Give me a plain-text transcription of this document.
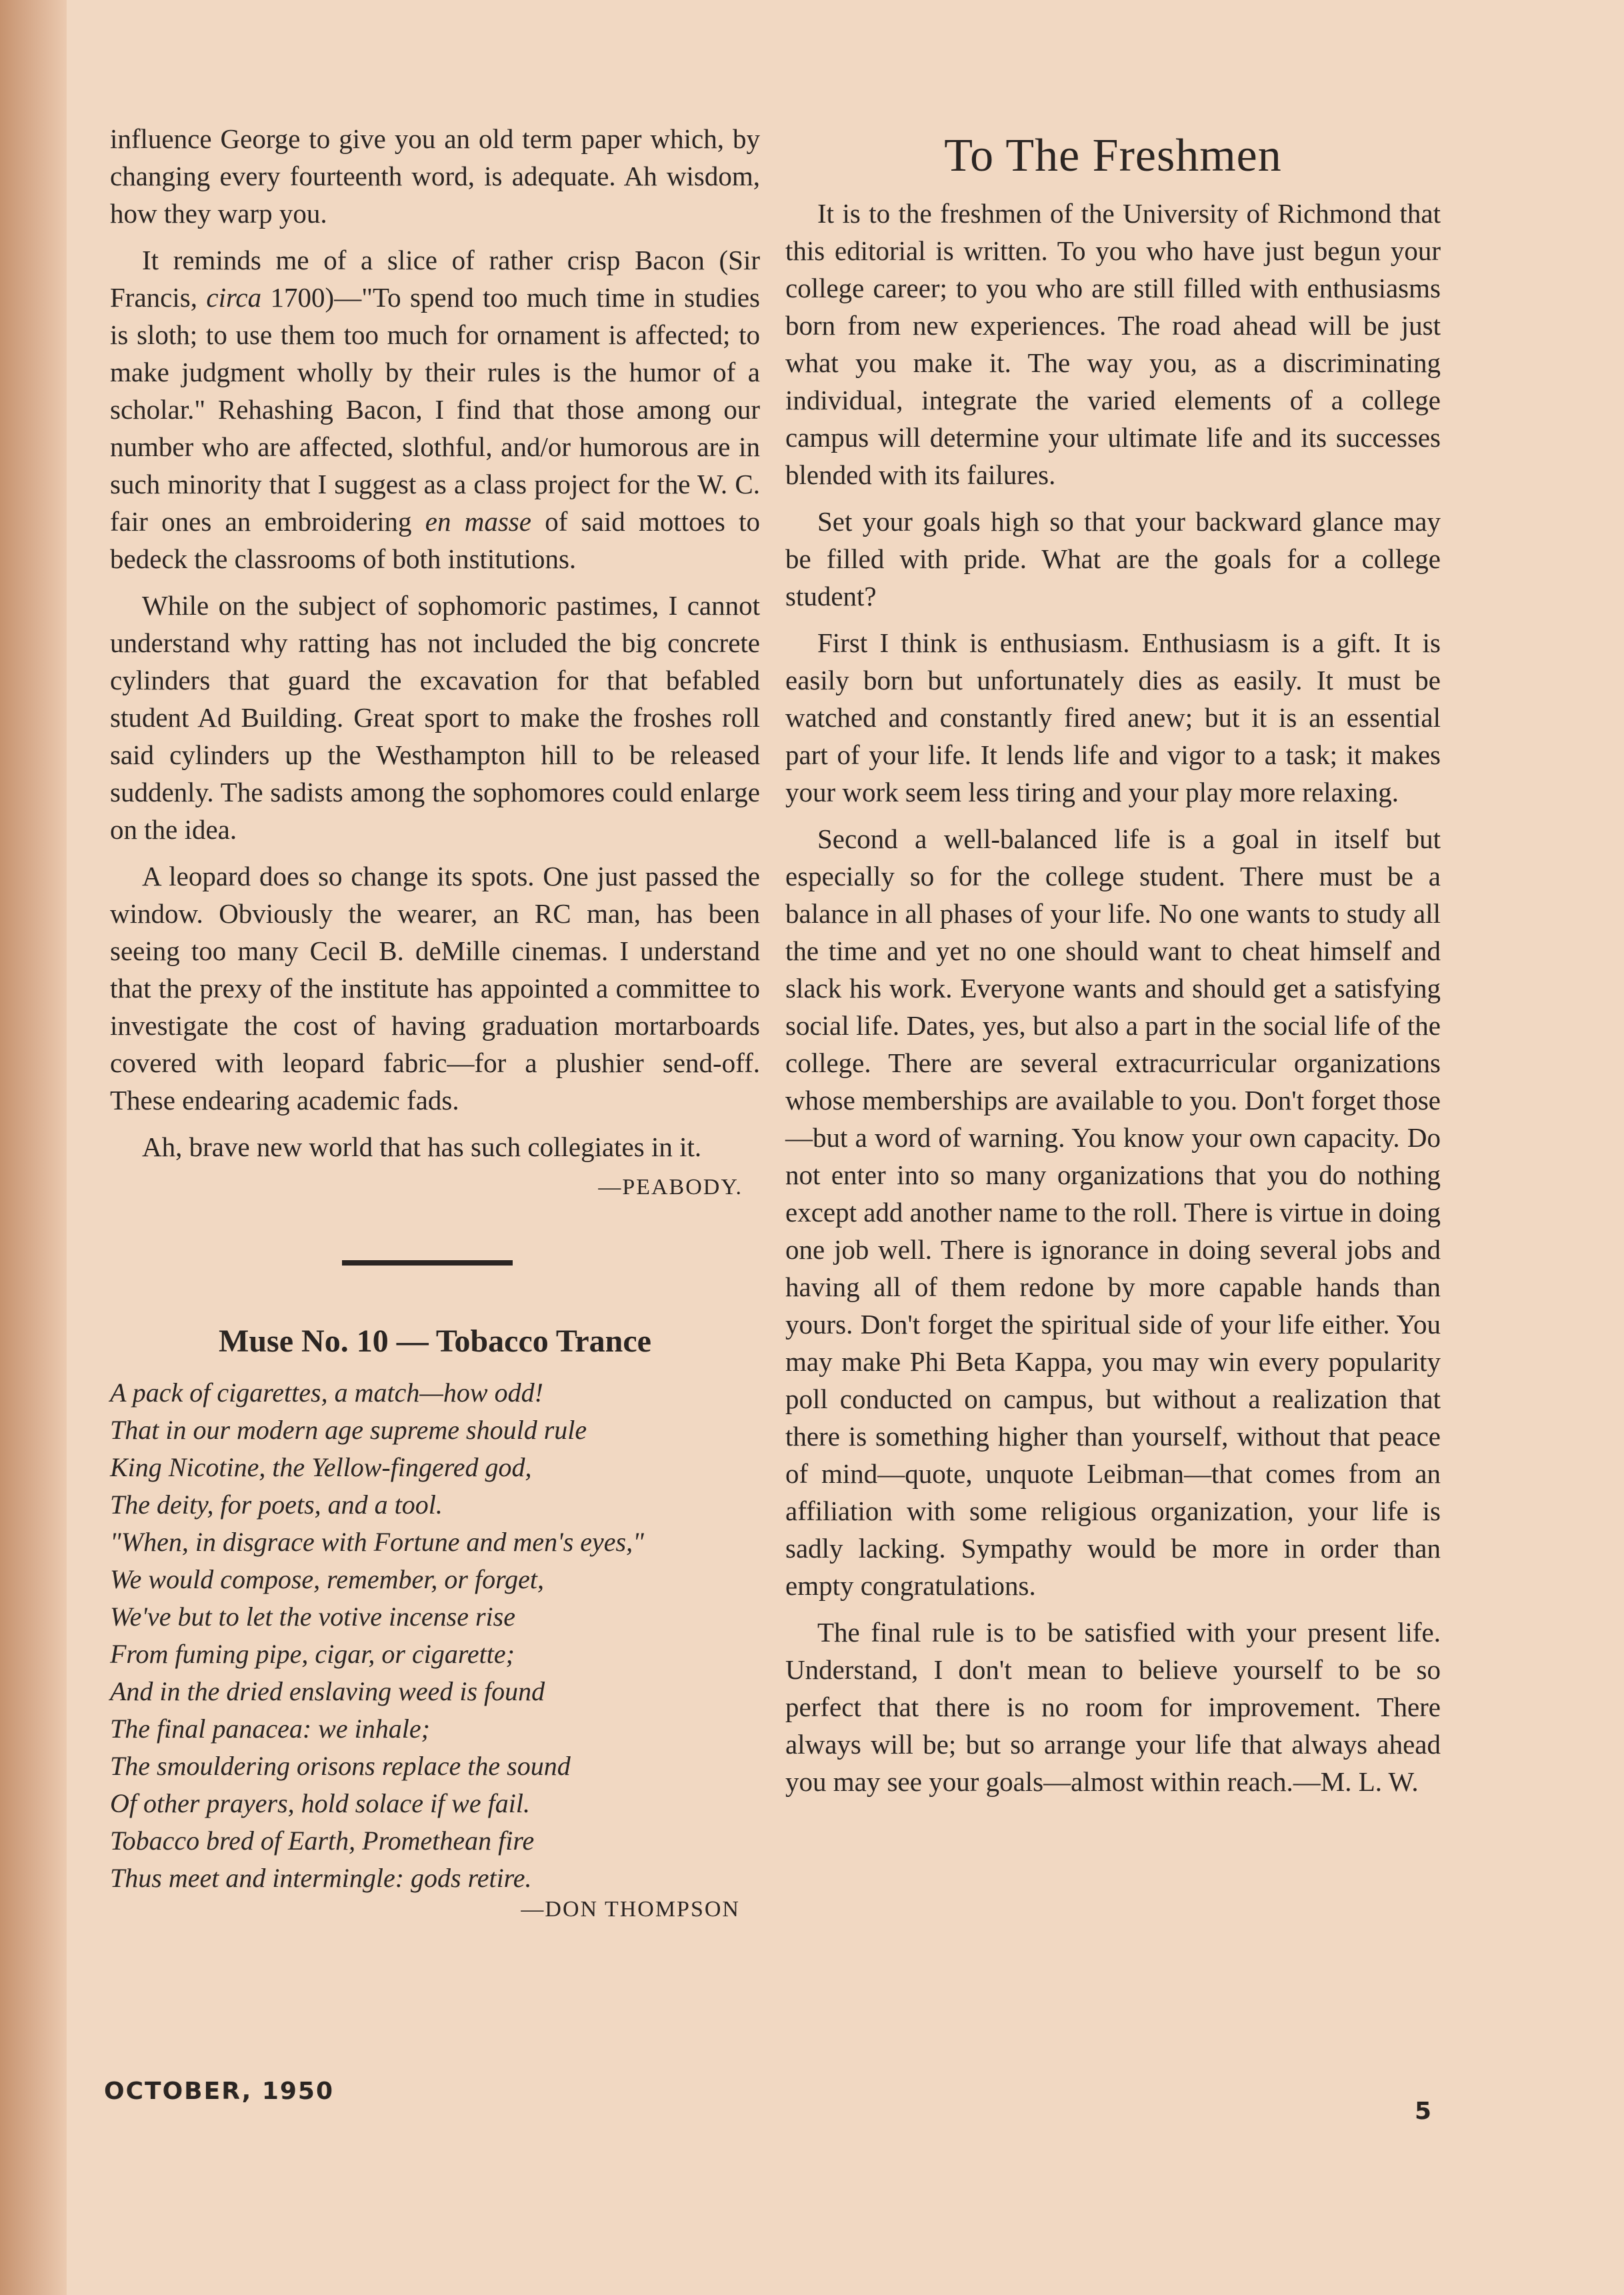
influence George to give you an old term paper which, by changing every fourteenth word, is adequate. Ah wisdom, how they warp you.

It reminds me of a slice of rather crisp Bacon (Sir Francis, circa 1700)—"To spend too much time in studies is sloth; to use them too much for ornament is affected; to make judgment wholly by their rules is the humor of a scholar." Rehashing Bacon, I find that those among our number who are affected, slothful, and/or humorous are in such minority that I suggest as a class project for the W. C. fair ones an embroidering en masse of said mottoes to bedeck the classrooms of both institutions.

While on the subject of sophomoric pastimes, I cannot understand why ratting has not included the big concrete cylinders that guard the excavation for that befabled student Ad Building. Great sport to make the froshes roll said cylinders up the Westhampton hill to be released suddenly. The sadists among the sophomores could enlarge on the idea.

A leopard does so change its spots. One just passed the window. Obviously the wearer, an RC man, has been seeing too many Cecil B. deMille cinemas. I understand that the prexy of the institute has appointed a committee to investigate the cost of having graduation mortarboards covered with leopard fabric—for a plushier send-off. These endearing academic fads.

Ah, brave new world that has such collegiates in it.

—PEABODY.
Muse No. 10 — Tobacco Trance
A pack of cigarettes, a match—how odd!
That in our modern age supreme should rule
King Nicotine, the Yellow-fingered god,
The deity, for poets, and a tool.
"When, in disgrace with Fortune and men's eyes,"
We would compose, remember, or forget,
We've but to let the votive incense rise
From fuming pipe, cigar, or cigarette;
And in the dried enslaving weed is found
The final panacea: we inhale;
The smouldering orisons replace the sound
Of other prayers, hold solace if we fail.
Tobacco bred of Earth, Promethean fire
Thus meet and intermingle: gods retire.
—DON THOMPSON
To The Freshmen

It is to the freshmen of the University of Richmond that this editorial is written. To you who have just begun your college career; to you who are still filled with enthusiasms born from new experiences. The road ahead will be just what you make it. The way you, as a discriminating individual, integrate the varied elements of a college campus will determine your ultimate life and its successes blended with its failures.

Set your goals high so that your backward glance may be filled with pride. What are the goals for a college student?

First I think is enthusiasm. Enthusiasm is a gift. It is easily born but unfortunately dies as easily. It must be watched and constantly fired anew; but it is an essential part of your life. It lends life and vigor to a task; it makes your work seem less tiring and your play more relaxing.

Second a well-balanced life is a goal in itself but especially so for the college student. There must be a balance in all phases of your life. No one wants to study all the time and yet no one should want to cheat himself and slack his work. Everyone wants and should get a satisfying social life. Dates, yes, but also a part in the social life of the college. There are several extracurricular organizations whose memberships are available to you. Don't forget those—but a word of warning. You know your own capacity. Do not enter into so many organizations that you do nothing except add another name to the roll. There is virtue in doing one job well. There is ignorance in doing several jobs and having all of them redone by more capable hands than yours. Don't forget the spiritual side of your life either. You may make Phi Beta Kappa, you may win every popularity poll conducted on campus, but without a realization that there is something higher than yourself, without that peace of mind—quote, unquote Leibman—that comes from an affiliation with some religious organization, your life is sadly lacking. Sympathy would be more in order than empty congratulations.

The final rule is to be satisfied with your present life. Understand, I don't mean to believe yourself to be so perfect that there is no room for improvement. There always will be; but so arrange your life that always ahead you may see your goals—almost within reach.—M. L. W.

OCTOBER, 1950
5
